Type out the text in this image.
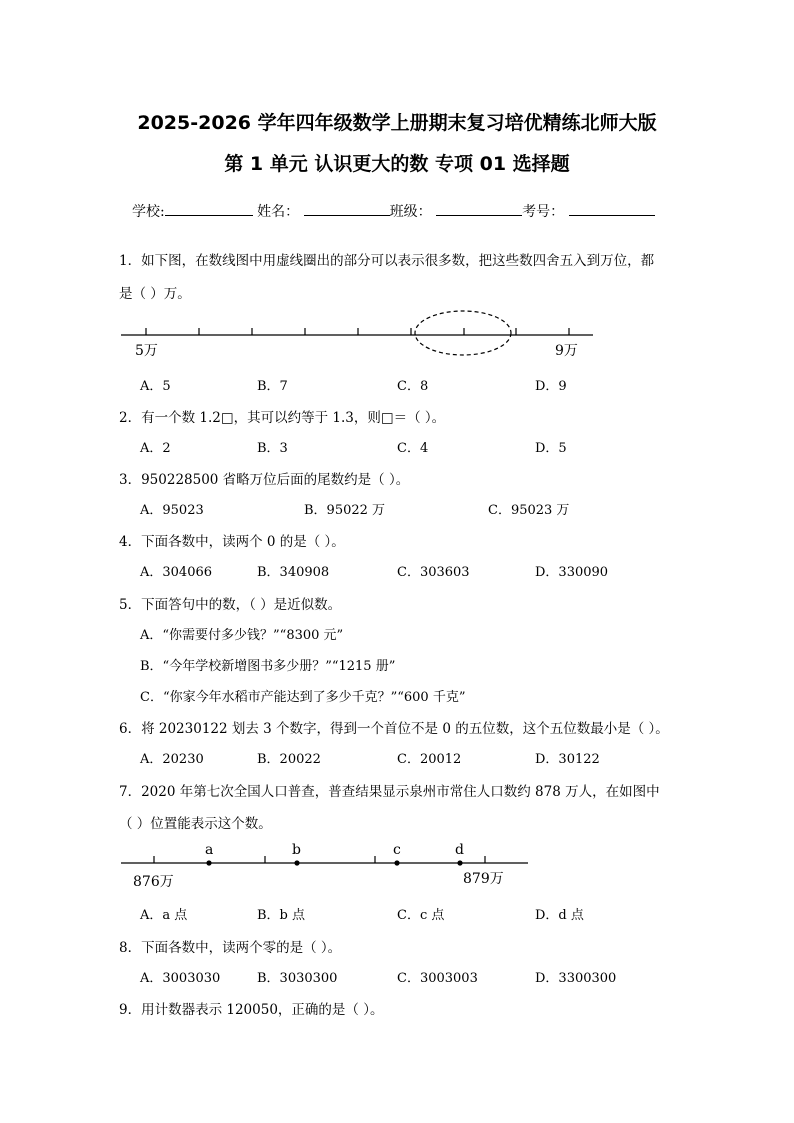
2025-2026 学年四年级数学上册期末复习培优精练北师大版
第 1 单元 认识更大的数 专项 01 选择题
学校:	姓名：	班级：	考号：
1．如下图，在数线图中用虚线圈出的部分可以表示很多数，把这些数四舍五入到万位，都
是（ ）万。
5万	9万
A．5	B．7	C．8	D．9
2．有一个数 1.2□，其可以约等于 1.3，则□＝（ ）。
A．2	B．3	C．4	D．5
3．950228500 省略万位后面的尾数约是（ ）。
A．95023	B．95022 万	C．95023 万
4．下面各数中，读两个 0 的是（ ）。
A．304066	B．340908	C．303603	D．330090
5．下面答句中的数，（ ）是近似数。
A．“你需要付多少钱？”“8300 元”
B．“今年学校新增图书多少册？”“1215 册”
C．“你家今年水稻市产能达到了多少千克？”“600 千克”
6．将 20230122 划去 3 个数字，得到一个首位不是 0 的五位数，这个五位数最小是（ ）。
A．20230	B．20022	C．20012	D．30122
7．2020 年第七次全国人口普查，普查结果显示泉州市常住人口数约 878 万人，在如图中
（ ）位置能表示这个数。
a	b	c	d
876万	879万
A．a 点	B．b 点	C．c 点	D．d 点
8．下面各数中，读两个零的是（ ）。
A．3003030	B．3030300	C．3003003	D．3300300
9．用计数器表示 120050，正确的是（ ）。
